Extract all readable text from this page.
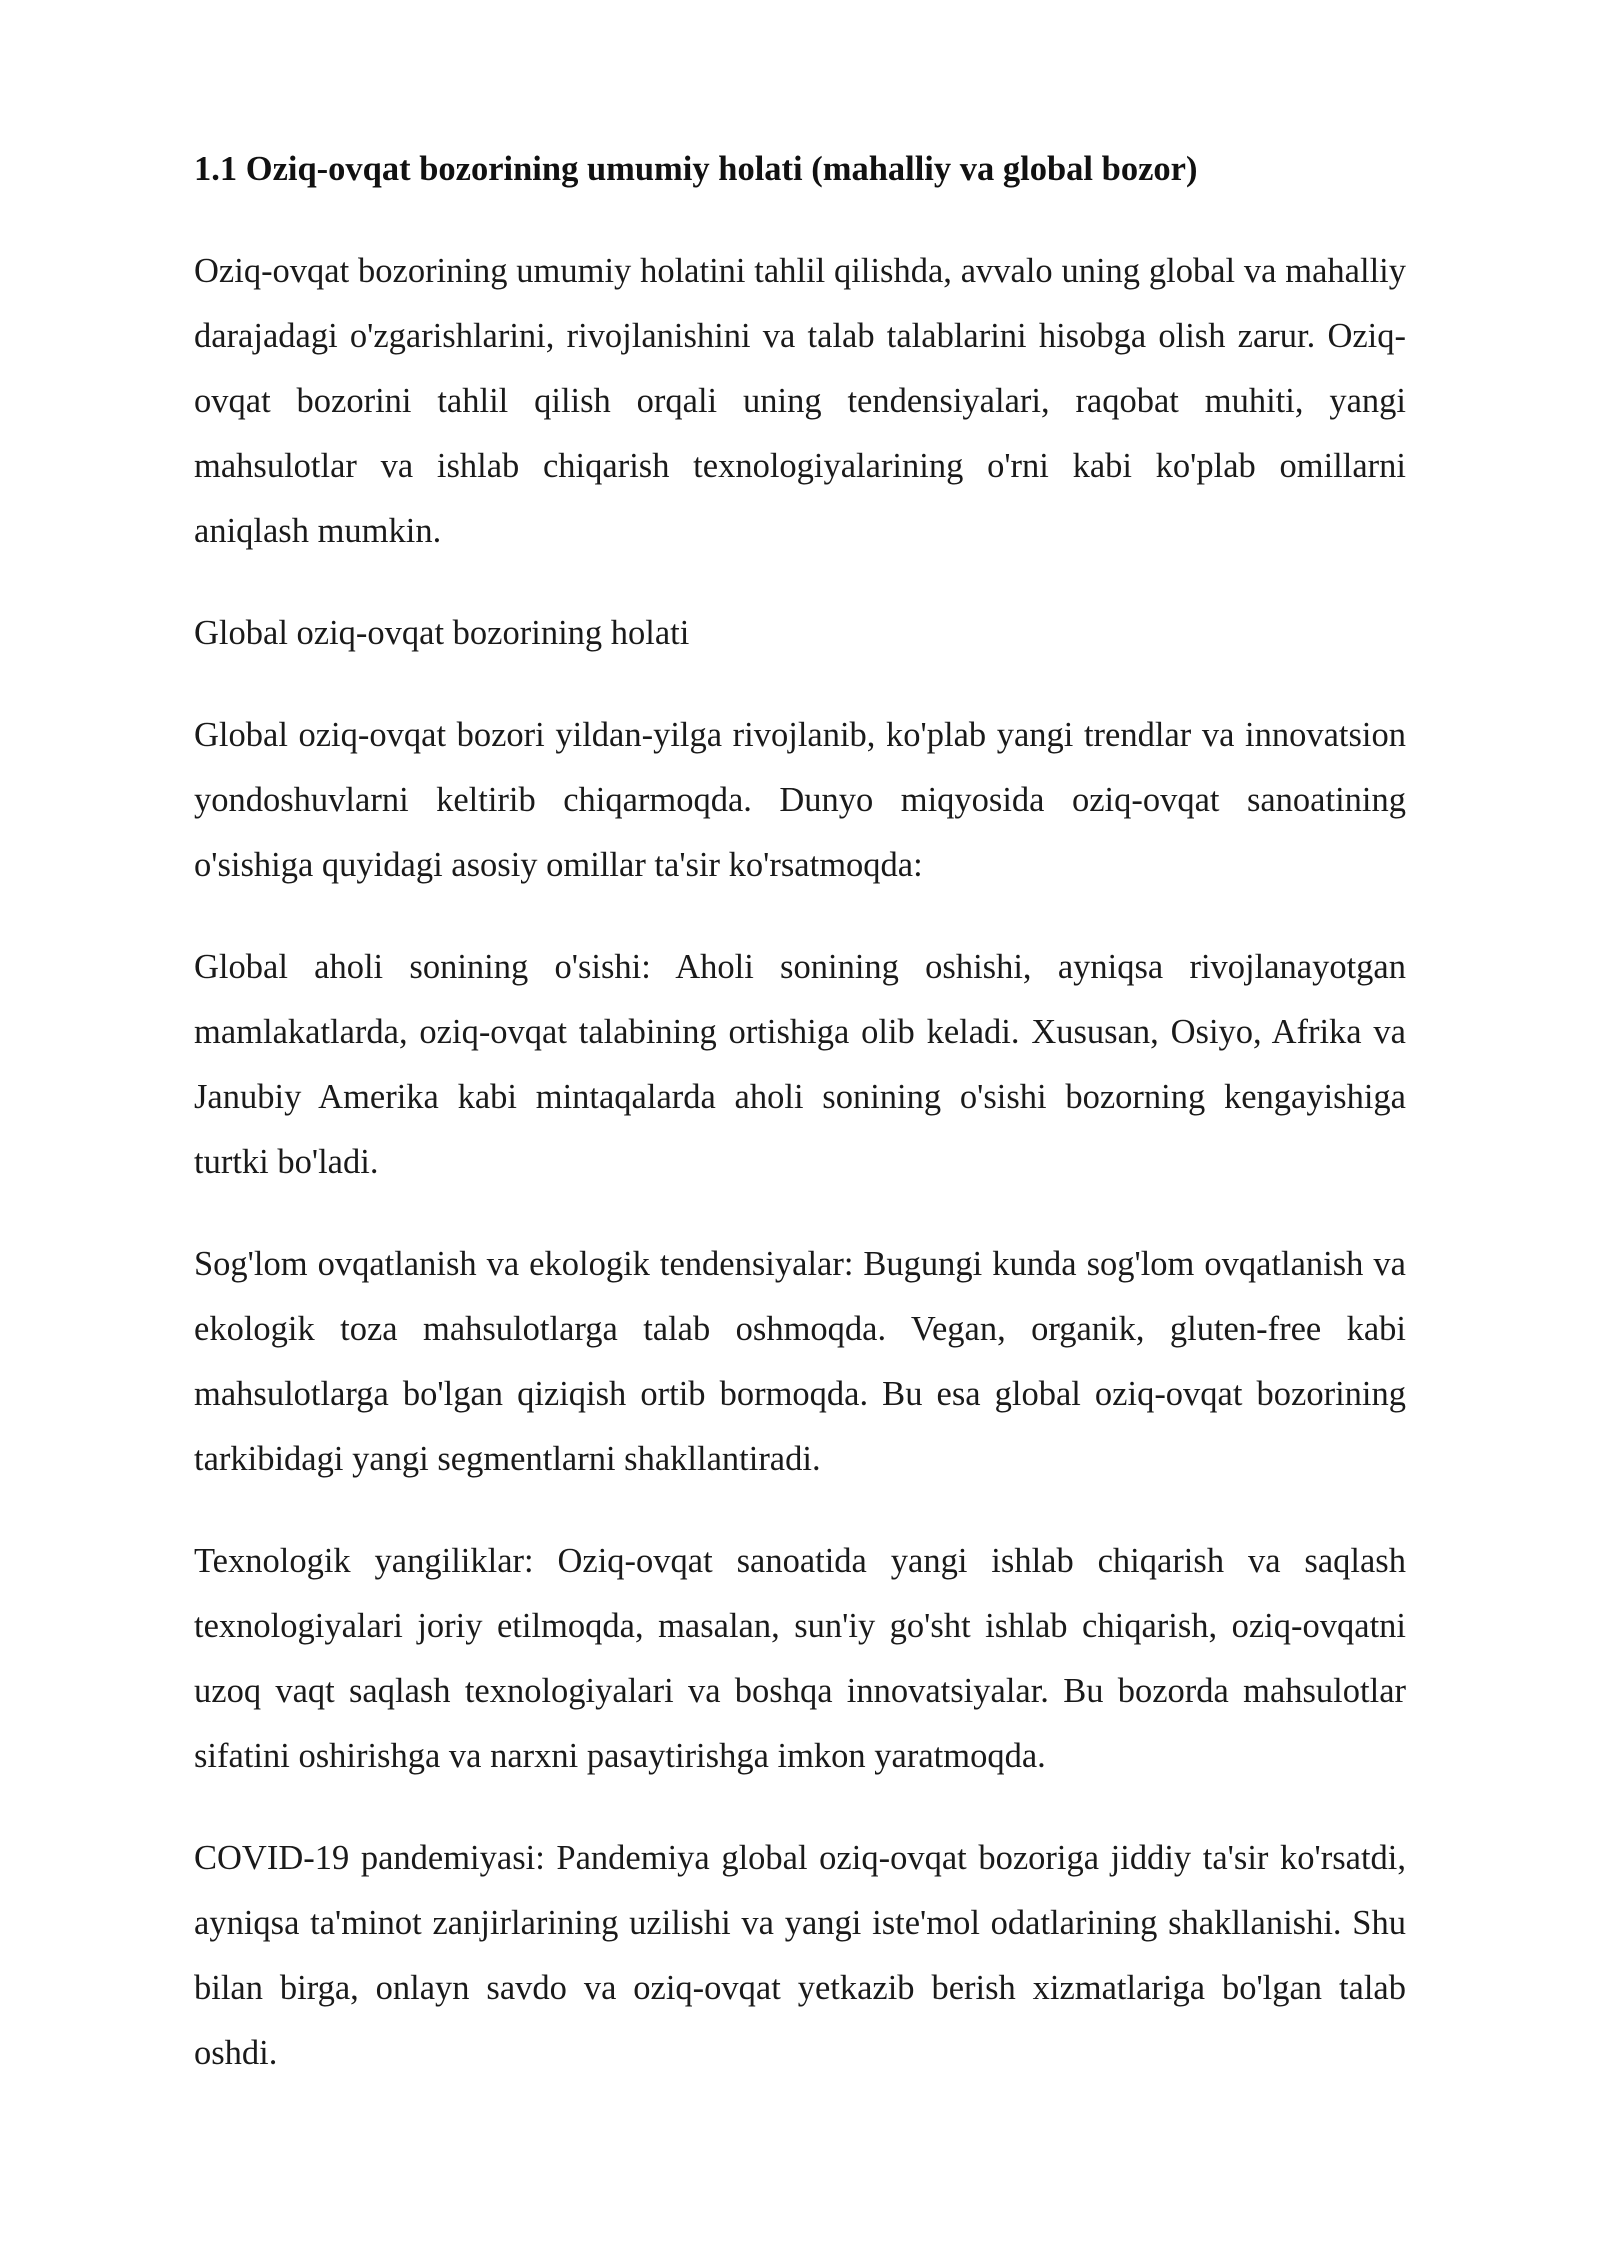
1.1 Oziq-ovqat bozorining umumiy holati (mahalliy va global bozor)

Oziq-ovqat bozorining umumiy holatini tahlil qilishda, avvalo uning global va mahalliy darajadagi o'zgarishlarini, rivojlanishini va talab talablarini hisobga olish zarur. Oziq-ovqat bozorini tahlil qilish orqali uning tendensiyalari, raqobat muhiti, yangi mahsulotlar va ishlab chiqarish texnologiyalarining o'rni kabi ko'plab omillarni aniqlash mumkin.

Global oziq-ovqat bozorining holati

Global oziq-ovqat bozori yildan-yilga rivojlanib, ko'plab yangi trendlar va innovatsion yondoshuvlarni keltirib chiqarmoqda. Dunyo miqyosida oziq-ovqat sanoatining o'sishiga quyidagi asosiy omillar ta'sir ko'rsatmoqda:

Global aholi sonining o'sishi: Aholi sonining oshishi, ayniqsa rivojlanayotgan mamlakatlarda, oziq-ovqat talabining ortishiga olib keladi. Xususan, Osiyo, Afrika va Janubiy Amerika kabi mintaqalarda aholi sonining o'sishi bozorning kengayishiga turtki bo'ladi.

Sog'lom ovqatlanish va ekologik tendensiyalar: Bugungi kunda sog'lom ovqatlanish va ekologik toza mahsulotlarga talab oshmoqda. Vegan, organik, gluten-free kabi mahsulotlarga bo'lgan qiziqish ortib bormoqda. Bu esa global oziq-ovqat bozorining tarkibidagi yangi segmentlarni shakllantiradi.

Texnologik yangiliklar: Oziq-ovqat sanoatida yangi ishlab chiqarish va saqlash texnologiyalari joriy etilmoqda, masalan, sun'iy go'sht ishlab chiqarish, oziq-ovqatni uzoq vaqt saqlash texnologiyalari va boshqa innovatsiyalar. Bu bozorda mahsulotlar sifatini oshirishga va narxni pasaytirishga imkon yaratmoqda.

COVID-19 pandemiyasi: Pandemiya global oziq-ovqat bozoriga jiddiy ta'sir ko'rsatdi, ayniqsa ta'minot zanjirlarining uzilishi va yangi iste'mol odatlarining shakllanishi. Shu bilan birga, onlayn savdo va oziq-ovqat yetkazib berish xizmatlariga bo'lgan talab oshdi.
